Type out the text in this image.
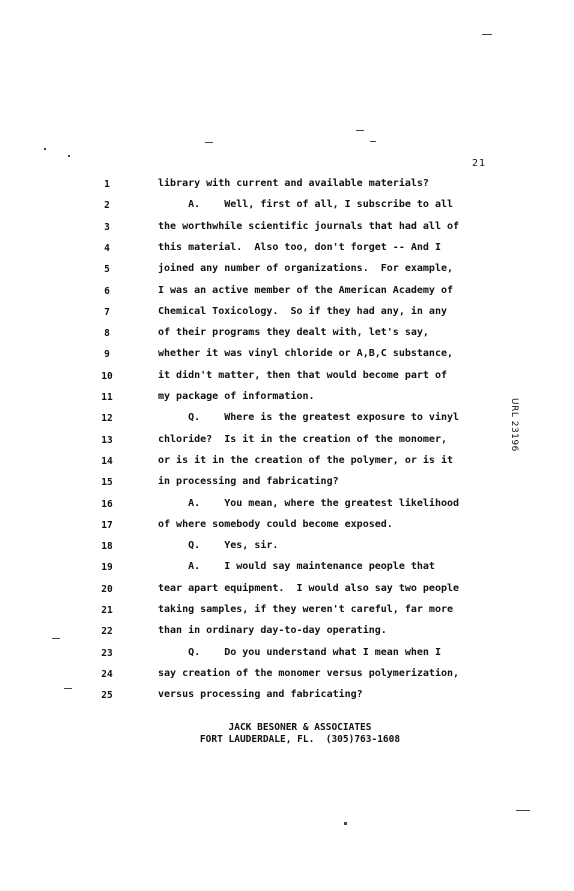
21
1	library with current and available materials?
2	A.    Well, first of all, I subscribe to all
3	the worthwhile scientific journals that had all of
4	this material.  Also too, don't forget -- And I
5	joined any number of organizations.  For example,
6	I was an active member of the American Academy of
7	Chemical Toxicology.  So if they had any, in any
8	of their programs they dealt with, let's say,
9	whether it was vinyl chloride or A,B,C substance,
10	it didn't matter, then that would become part of
11	my package of information.
12	Q.    Where is the greatest exposure to vinyl
13	chloride?  Is it in the creation of the monomer,
14	or is it in the creation of the polymer, or is it
15	in processing and fabricating?
16	A.    You mean, where the greatest likelihood
17	of where somebody could become exposed.
18	Q.    Yes, sir.
19	A.    I would say maintenance people that
20	tear apart equipment.  I would also say two people
21	taking samples, if they weren't careful, far more
22	than in ordinary day-to-day operating.
23	Q.    Do you understand what I mean when I
24	say creation of the monomer versus polymerization,
25	versus processing and fabricating?
JACK BESONER & ASSOCIATES
FORT LAUDERDALE, FL.  (305)763-1608
URL 23196
